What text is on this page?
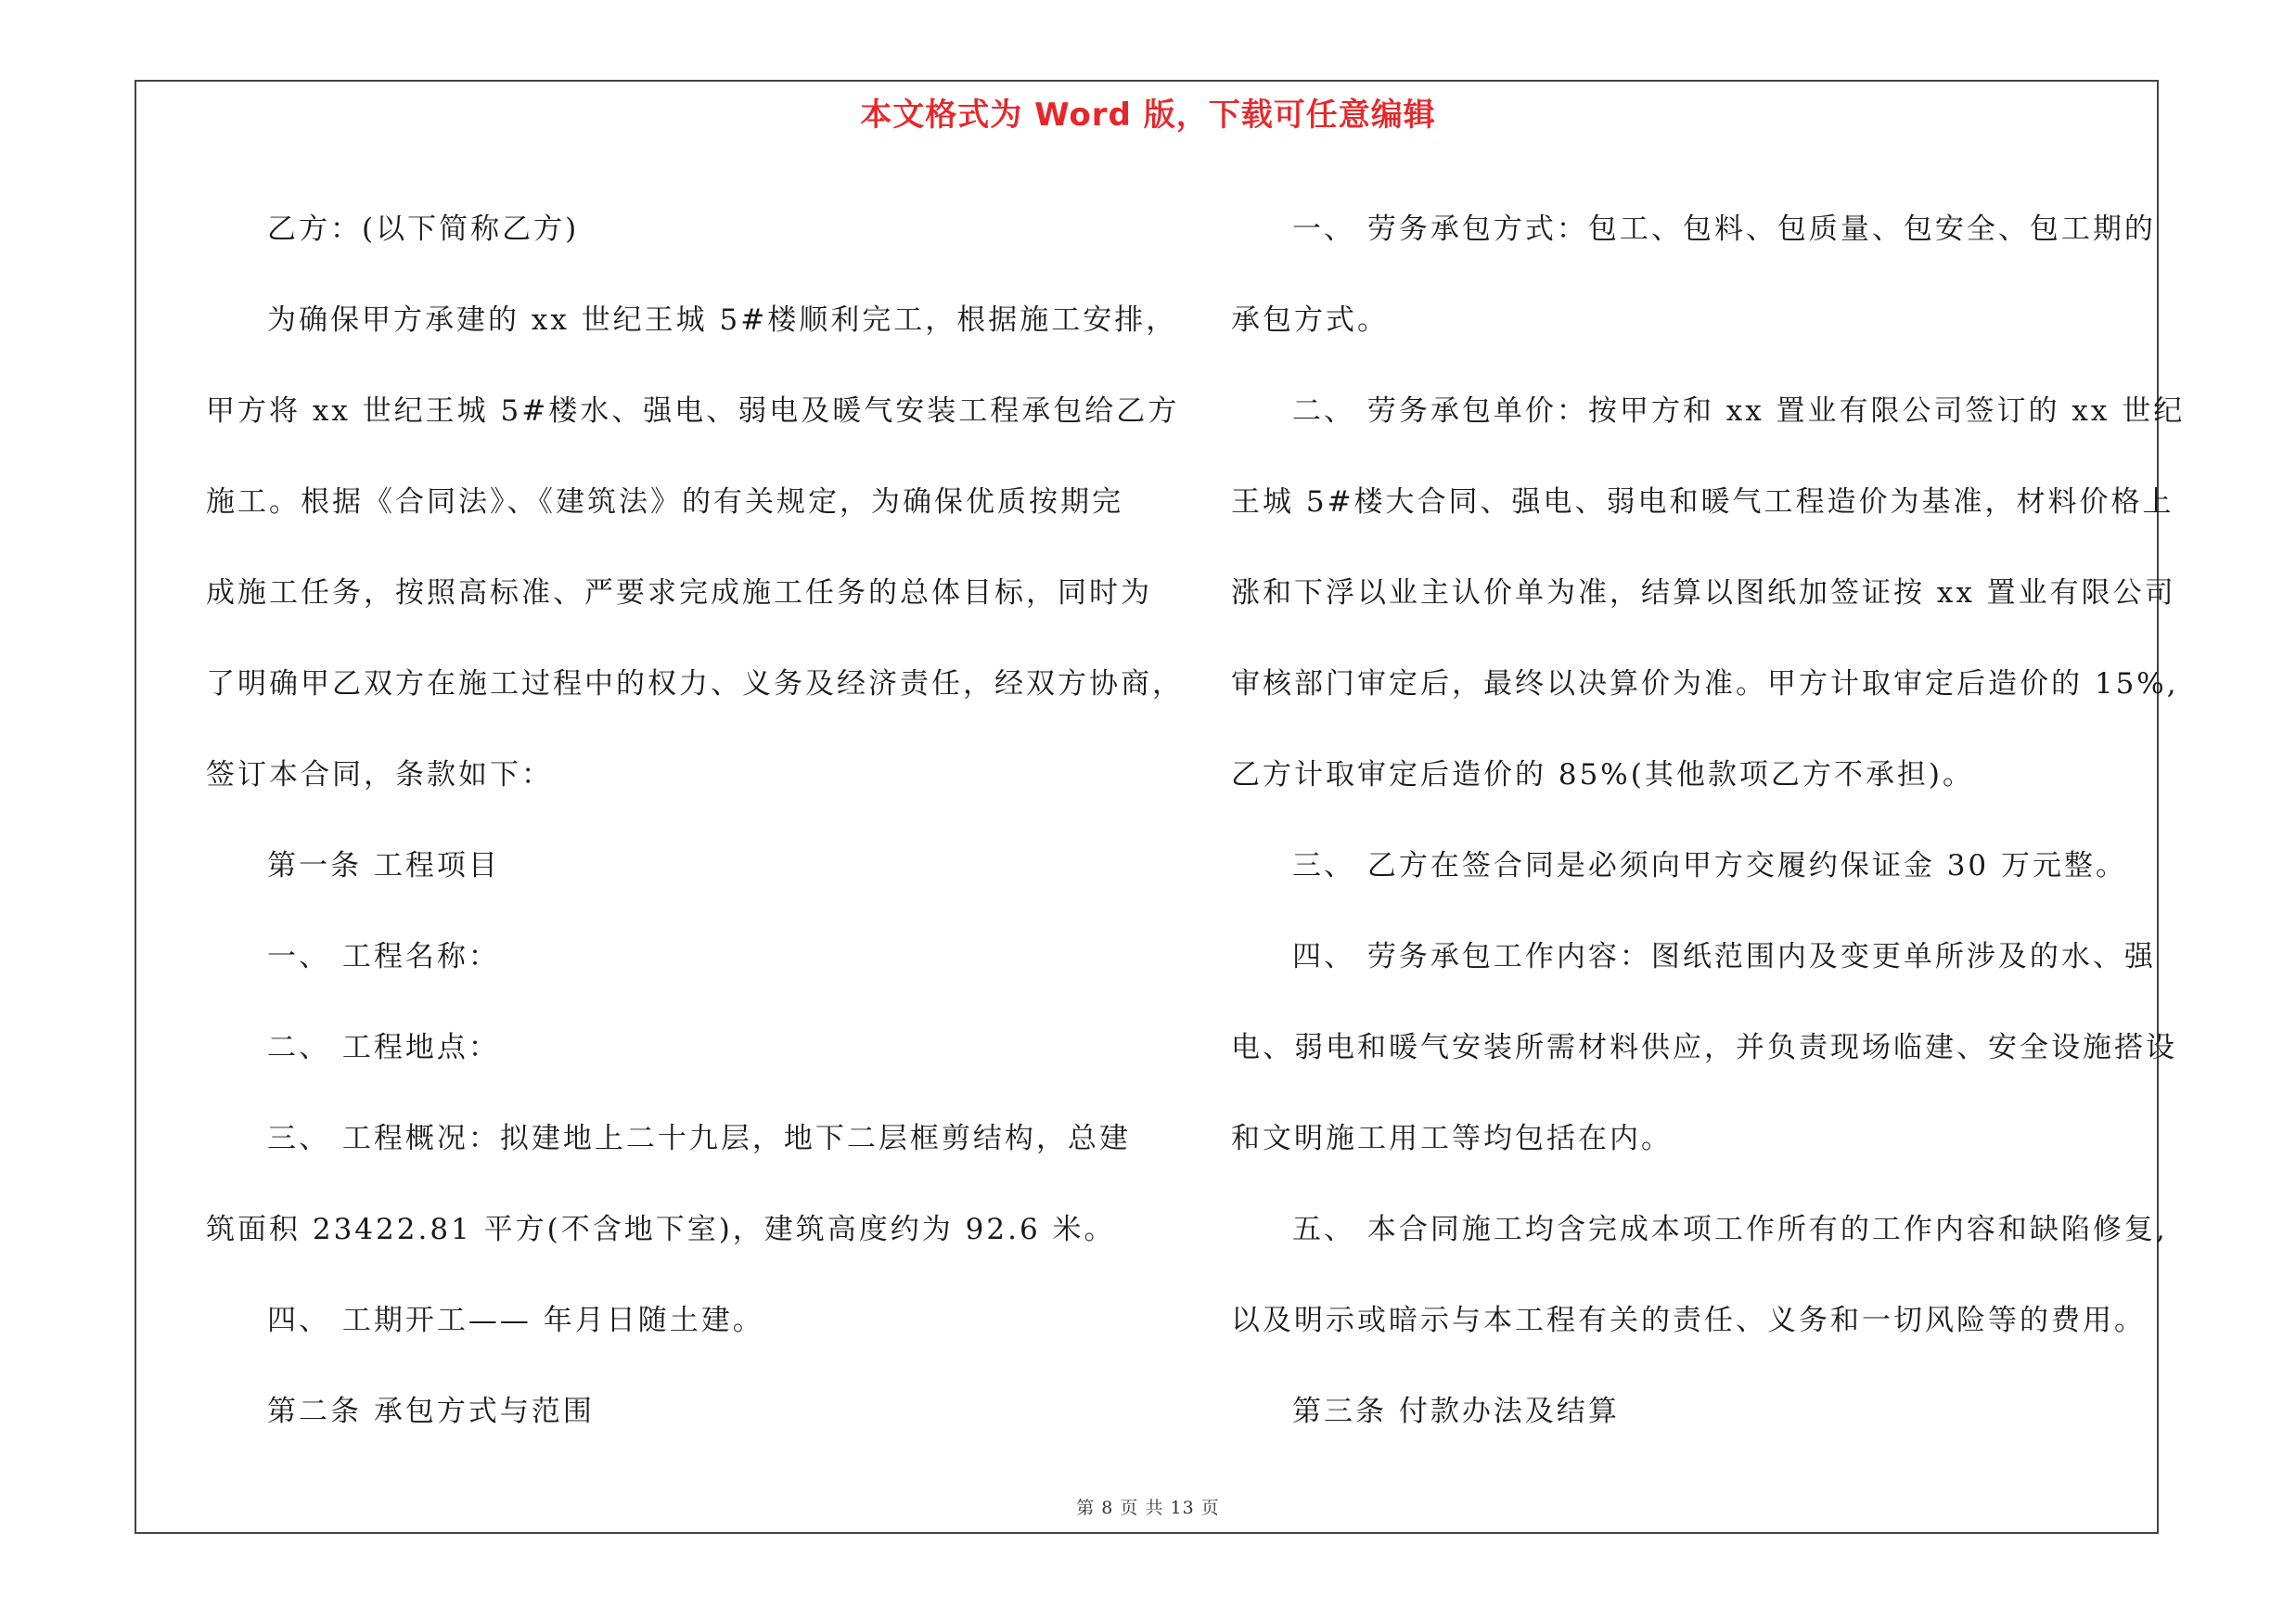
本文格式为 Word 版，下载可任意编辑

乙方：(以下简称乙方)

为确保甲方承建的 xx 世纪王城 5#楼顺利完工，根据施工安排，

甲方将 xx 世纪王城 5#楼水、强电、弱电及暖气安装工程承包给乙方

施工。根据《合同法》、《建筑法》的有关规定，为确保优质按期完

成施工任务，按照高标准、严要求完成施工任务的总体目标，同时为

了明确甲乙双方在施工过程中的权力、义务及经济责任，经双方协商，

签订本合同，条款如下：

第一条 工程项目

一、 工程名称：

二、 工程地点：

三、 工程概况：拟建地上二十九层，地下二层框剪结构，总建

筑面积 23422.81 平方(不含地下室)，建筑高度约为 92.6 米。

四、 工期开工—— 年月日随土建。

第二条 承包方式与范围

一、 劳务承包方式：包工、包料、包质量、包安全、包工期的

承包方式。

二、 劳务承包单价：按甲方和 xx 置业有限公司签订的 xx 世纪

王城 5#楼大合同、强电、弱电和暖气工程造价为基准，材料价格上

涨和下浮以业主认价单为准，结算以图纸加签证按 xx 置业有限公司

审核部门审定后，最终以决算价为准。甲方计取审定后造价的 15%,

乙方计取审定后造价的 85%(其他款项乙方不承担)。

三、 乙方在签合同是必须向甲方交履约保证金 30 万元整。

四、 劳务承包工作内容：图纸范围内及变更单所涉及的水、强

电、弱电和暖气安装所需材料供应，并负责现场临建、安全设施搭设

和文明施工用工等均包括在内。

五、 本合同施工均含完成本项工作所有的工作内容和缺陷修复,

以及明示或暗示与本工程有关的责任、义务和一切风险等的费用。

第三条 付款办法及结算

第 8 页 共 13 页
